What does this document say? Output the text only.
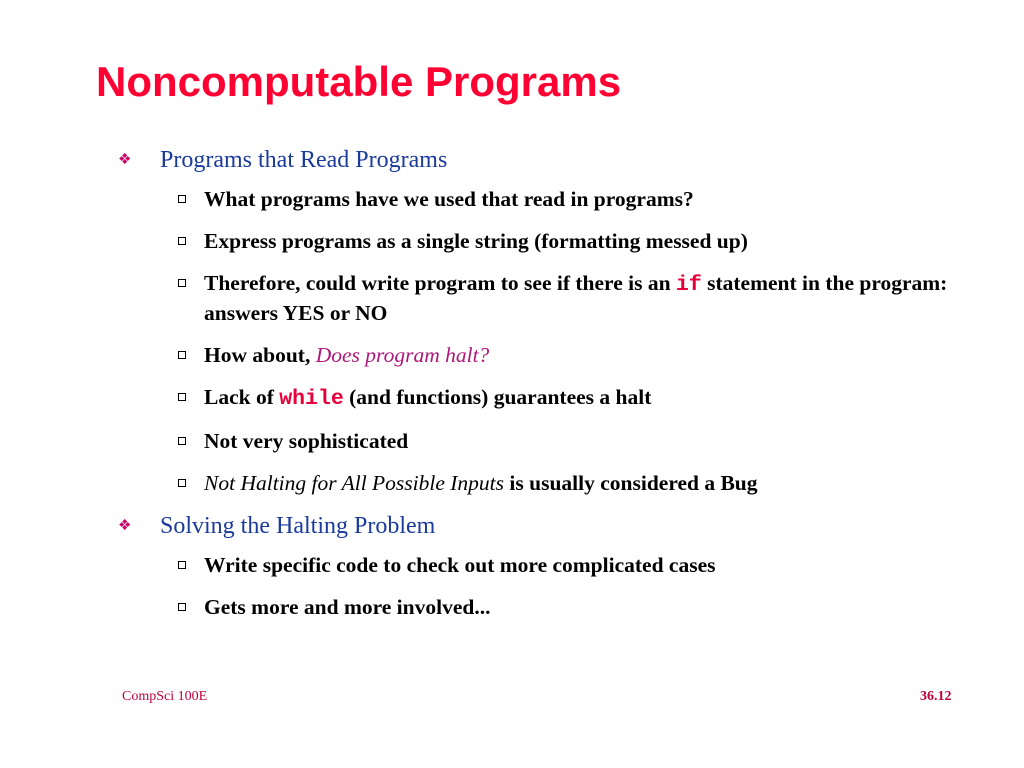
Noncomputable Programs
❖ Programs that Read Programs
What programs have we used that read in programs?
Express programs as a single string (formatting messed up)
Therefore, could write program to see if there is an if statement in the program: answers YES or NO
How about, Does program halt?
Lack of while (and functions) guarantees a halt
Not very sophisticated
Not Halting for All Possible Inputs is usually considered a Bug
❖ Solving the Halting Problem
Write specific code to check out more complicated cases
Gets more and more involved...
CompSci 100E	36.12
